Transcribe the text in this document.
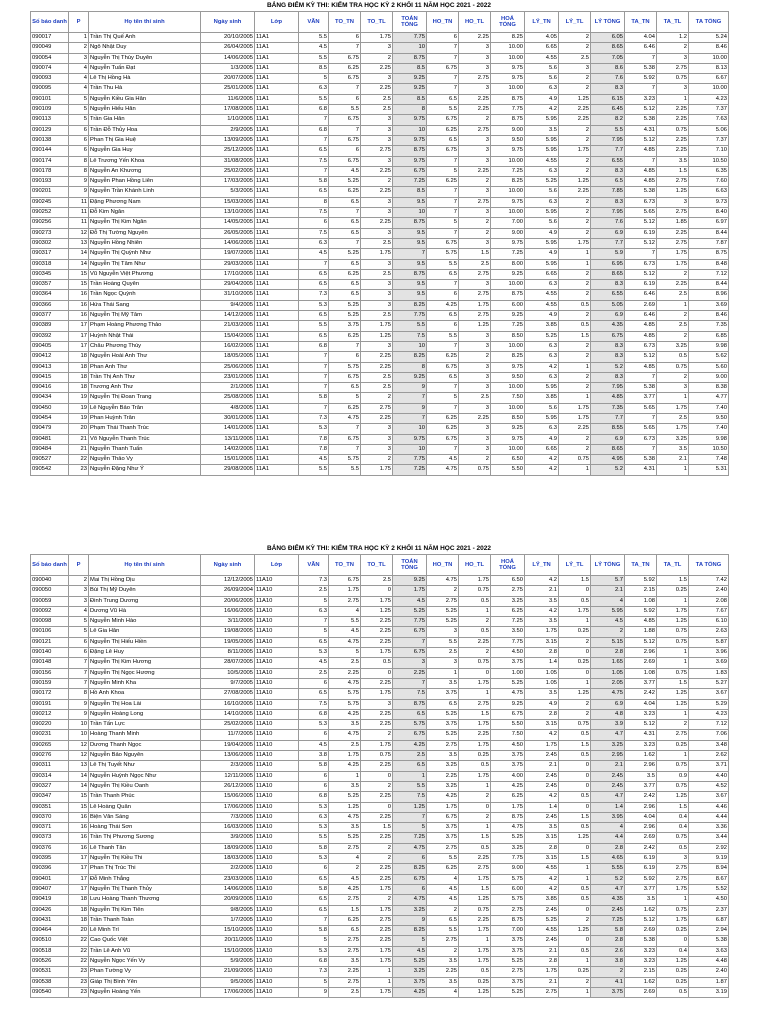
BẢNG ĐIỂM KỲ THI: KIỂM TRA HỌC KỲ 2 KHỐI 11 NĂM HỌC 2021 - 2022
Số báo danh	P	Họ tên thí sinh	Ngày sinh	Lớp	VĂN	TO_TN	TO_TL	TOÁN TỔNG	HO_TN	HO_TL	HOÁ TỔNG	LÝ_TN	LÝ_TL	LÝ TỔNG	TA_TN	TA_TL	TA TỔNG
090017	1	Trần Thị Quế Anh	20/10/2005	11A1	5.5	6	1.75	7.75	6	2.25	8.25	4.05	2	6.05	4.04	1.2	5.24
090049	2	Ngô Nhật Duy	26/04/2005	11A1	4.5	7	3	10	7	3	10.00	6.65	2	8.65	6.46	2	8.46
090054	3	Nguyễn Thị Thùy Duyên	14/06/2005	11A1	5.5	6.75	2	8.75	7	3	10.00	4.55	2.5	7.05	7	3	10.00
090074	4	Nguyễn Tuấn Đạt	1/3/2005	11A1	8.5	6.25	2.25	8.5	6.75	3	9.75	5.6	3	8.6	5.38	2.75	8.13
090093	4	Lê Thị Hồng Hà	20/07/2005	11A1	5	6.75	3	9.25	7	2.75	9.75	5.6	2	7.6	5.92	0.75	6.67
090095	4	Trần Thu Hà	25/01/2005	11A1	6.3	7	2.25	9.25	7	3	10.00	6.3	2	8.3	7	3	10.00
090101	5	Nguyễn Kiều Gia Hân	11/6/2005	11A1	5.5	6	2.5	8.5	6.5	2.25	8.75	4.9	1.25	6.15	3.23	1	4.23
090109	5	Nguyễn Hiếu Hân	17/08/2005	11A1	6.8	5.5	2.5	8	5.5	2.25	7.75	4.2	2.25	6.45	5.12	2.25	7.37
090113	5	Trần Gia Hân	1/10/2005	11A1	7	6.75	3	9.75	6.75	2	8.75	5.95	2.25	8.2	5.38	2.25	7.63
090129	6	Trần Đỗ Thủy Hoa	2/9/2005	11A1	6.8	7	3	10	6.25	2.75	9.00	3.5	2	5.5	4.31	0.75	5.06
090138	6	Phan Thị Gia Huệ	13/09/2005	11A1	7	6.75	3	9.75	6.5	3	9.50	5.95	2	7.95	5.12	2.25	7.37
090144	6	Nguyễn Gia Huy	25/12/2005	11A1	6.5	6	2.75	8.75	6.75	3	9.75	5.95	1.75	7.7	4.85	2.25	7.10
090174	8	Lê Trương Yến Khoa	31/08/2005	11A1	7.5	6.75	3	9.75	7	3	10.00	4.55	2	6.55	7	3.5	10.50
090178	8	Nguyễn An Khương	25/02/2005	11A1	7	4.5	2.25	6.75	5	2.25	7.25	6.3	2	8.3	4.85	1.5	6.35
090193	9	Nguyễn Phan Hồng Liên	17/03/2005	11A1	5.8	5.25	2	7.25	6.25	2	8.25	5.25	1.25	6.5	4.85	2.75	7.60
090201	9	Nguyễn Trần Khánh Linh	5/3/2005	11A1	6.5	6.25	2.25	8.5	7	3	10.00	5.6	2.25	7.85	5.38	1.25	6.63
090245	11	Đặng Phương Nam	15/03/2005	11A1	8	6.5	3	9.5	7	2.75	9.75	6.3	2	8.3	6.73	3	9.73
090252	11	Đỗ Kim Ngân	13/10/2005	11A1	7.5	7	3	10	7	3	10.00	5.95	2	7.95	5.65	2.75	8.40
090256	11	Nguyễn Thị Kim Ngân	14/05/2005	11A1	6	6.5	2.25	8.75	5	2	7.00	5.6	2	7.6	5.12	1.85	6.97
090273	12	Đỗ Thị Tường Nguyên	26/05/2005	11A1	7.5	6.5	3	9.5	7	2	9.00	4.9	2	6.9	6.19	2.25	8.44
090302	13	Nguyễn Hồng Nhiên	14/06/2005	11A1	6.3	7	2.5	9.5	6.75	3	9.75	5.95	1.75	7.7	5.12	2.75	7.87
090317	14	Nguyễn Thị Quỳnh Như	19/07/2005	11A1	4.5	5.25	1.75	7	5.75	1.5	7.25	4.9	1	5.9	7	1.75	8.75
090318	14	Nguyễn Thị Tâm Như	29/03/2005	11A1	7	6.5	3	9.5	5.5	2.5	8.00	5.95	1	6.95	6.73	1.75	8.48
090345	15	Vũ Nguyễn Việt Phương	17/10/2005	11A1	6.5	6.25	2.5	8.75	6.5	2.75	9.25	6.65	2	8.65	5.12	2	7.12
090357	15	Trần Hoàng Quyên	29/04/2005	11A1	6.5	6.5	3	9.5	7	3	10.00	6.3	2	8.3	6.19	2.25	8.44
090364	16	Trần Ngọc Quỳnh	31/10/2005	11A1	7.3	6.5	3	9.5	6	2.75	8.75	4.55	2	6.55	6.46	2.5	8.96
090366	16	Hứa Thái Sang	9/4/2005	11A1	5.3	5.25	3	8.25	4.25	1.75	6.00	4.55	0.5	5.05	2.69	1	3.69
090377	16	Nguyễn Thị Mỹ Tâm	14/12/2005	11A1	6.5	5.25	2.5	7.75	6.5	2.75	9.25	4.9	2	6.9	6.46	2	8.46
090389	17	Phạm Hoàng Phương Thảo	21/03/2005	11A1	5.5	3.75	1.75	5.5	6	1.25	7.25	3.85	0.5	4.35	4.85	2.5	7.35
090392	17	Huỳnh Nhật Thái	15/04/2005	11A1	6.5	6.25	1.25	7.5	5.5	3	8.50	5.25	1.5	6.75	4.85	2	6.85
090405	17	Châu Phương Thúy	16/02/2005	11A1	6.8	7	3	10	7	3	10.00	6.3	2	8.3	6.73	3.25	9.98
090412	18	Nguyễn Hoài Anh Thư	18/05/2005	11A1	7	6	2.25	8.25	6.25	2	8.25	6.3	2	8.3	5.12	0.5	5.62
090413	18	Phan Anh Thư	25/06/2005	11A1	7	5.75	2.25	8	6.75	3	9.75	4.2	1	5.2	4.85	0.75	5.60
090415	18	Trần Thị Anh Thư	23/01/2005	11A1	7	6.75	2.5	9.25	6.5	3	9.50	6.3	2	8.3	7	2	9.00
090416	18	Trương Anh Thư	2/1/2005	11A1	7	6.5	2.5	9	7	3	10.00	5.95	2	7.95	5.38	3	8.38
090434	19	Nguyễn Thị Đoan Trang	25/08/2005	11A1	5.8	5	2	7	5	2.5	7.50	3.85	1	4.85	3.77	1	4.77
090450	19	Lê Nguyễn Bảo Trân	4/8/2005	11A1	7	6.25	2.75	9	7	3	10.00	5.6	1.75	7.35	5.65	1.75	7.40
090454	19	Phan Huỳnh Trân	30/01/2005	11A1	7.3	4.75	2.25	7	6.25	2.25	8.50	5.95	1.75	7.7	7	2.5	9.50
090479	20	Phạm Thái Thanh Trúc	14/01/2005	11A1	5.3	7	3	10	6.25	3	9.25	6.3	2.25	8.55	5.65	1.75	7.40
090481	21	Võ Nguyễn Thanh Trúc	13/11/2005	11A1	7.8	6.75	3	9.75	6.75	3	9.75	4.9	2	6.9	6.73	3.25	9.98
090484	21	Nguyễn Thanh Tuấn	14/02/2005	11A1	7.8	7	3	10	7	3	10.00	6.65	2	8.65	7	3.5	10.50
090527	22	Nguyễn Thảo Vy	15/01/2005	11A1	4.5	5.75	2	7.75	4.5	2	6.50	4.2	0.75	4.95	5.38	2.1	7.48
090542	23	Nguyễn Đặng Như Ý	29/08/2005	11A1	5.5	5.5	1.75	7.25	4.75	0.75	5.50	4.2	1	5.2	4.31	1	5.31
BẢNG ĐIỂM KỲ THI: KIỂM TRA HỌC KỲ 2 KHỐI 11 NĂM HỌC 2021 - 2022
Số báo danh	P	Họ tên thí sinh	Ngày sinh	Lớp	VĂN	TO_TN	TO_TL	TOÁN TỔNG	HO_TN	HO_TL	HOÁ TỔNG	LÝ_TN	LÝ_TL	LÝ TỔNG	TA_TN	TA_TL	TA TỔNG
090040	2	Mai Thị Hồng Dịu	12/12/2005	11A10	7.3	6.75	2.5	9.25	4.75	1.75	6.50	4.2	1.5	5.7	5.92	1.5	7.42
090050	3	Bùi Thị Mỹ Duyên	26/09/2004	11A10	2.5	1.75	0	1.75	2	0.75	2.75	2.1	0	2.1	2.15	0.25	2.40
090059	3	Đinh Trung Dương	20/06/2005	11A10	5	2.75	1.75	4.5	2.75	0.5	3.25	3.5	0.5	4	1.08	1	2.08
090092	4	Dương Vũ Hà	16/06/2005	11A10	6.3	4	1.25	5.25	5.25	1	6.25	4.2	1.75	5.95	5.92	1.75	7.67
090098	5	Nguyễn Minh Hào	3/11/2005	11A10	7	5.5	2.25	7.75	5.25	2	7.25	3.5	1	4.5	4.85	1.25	6.10
090106	5	Lê Gia Hân	19/08/2005	11A10	5	4.5	2.25	6.75	3	0.5	3.50	1.75	0.25	2	1.88	0.75	2.63
090121	6	Nguyễn Thị Hiếu Hiền	19/05/2005	11A10	6.5	4.75	2.25	7	5.5	2.25	7.75	3.15	2	5.15	5.12	0.75	5.87
090140	6	Đặng Lê Huy	8/11/2005	11A10	5.3	5	1.75	6.75	2.5	2	4.50	2.8	0	2.8	2.96	1	3.96
090148	7	Nguyễn Thị Kim Hương	28/07/2005	11A10	4.5	2.5	0.5	3	3	0.75	3.75	1.4	0.25	1.65	2.69	1	3.69
090156	7	Nguyễn Thị Ngọc Hương	10/5/2005	11A10	2.5	2.25	0	2.25	1	0	1.00	1.05	0	1.05	1.08	0.75	1.83
090159	7	Nguyễn Minh Kha	9/7/2005	11A10	6	4.75	2.25	7	3.5	1.75	5.25	1.05	1	2.05	3.77	1.5	5.27
090172	8	Hồ Anh Khoa	27/08/2005	11A10	6.5	5.75	1.75	7.5	3.75	1	4.75	3.5	1.25	4.75	2.42	1.25	3.67
090191	9	Nguyễn Thị Hoa Lài	16/10/2005	11A10	7.5	5.75	3	8.75	6.5	2.75	9.25	4.9	2	6.9	4.04	1.25	5.29
090212	9	Nguyễn Hoàng Long	14/10/2005	11A10	6.8	4.25	2.25	6.5	5.25	1.5	6.75	2.8	2	4.8	3.23	1	4.23
090220	10	Trần Tấn Lực	25/02/2005	11A10	5.3	3.5	2.25	5.75	3.75	1.75	5.50	3.15	0.75	3.9	5.12	2	7.12
090231	10	Hoàng Thanh Minh	11/7/2005	11A10	6	4.75	2	6.75	5.25	2.25	7.50	4.2	0.5	4.7	4.31	2.75	7.06
090265	12	Dương Thanh Ngọc	19/04/2005	11A10	4.5	2.5	1.75	4.25	2.75	1.75	4.50	1.75	1.5	3.25	3.23	0.25	3.48
090276	12	Nguyễn Bảo Nguyên	13/06/2005	11A10	3.8	1.75	0.75	2.5	3.5	0.25	3.75	2.45	0.5	2.95	1.62	1	2.62
090311	13	Lê Thị Tuyết Như	2/3/2005	11A10	5.8	4.25	2.25	6.5	3.25	0.5	3.75	2.1	0	2.1	2.96	0.75	3.71
090314	14	Nguyễn Huỳnh Ngọc Như	12/11/2005	11A10	6	1	0	1	2.25	1.75	4.00	2.45	0	2.45	3.5	0.9	4.40
090327	14	Nguyễn Thị Kiều Oanh	26/12/2005	11A10	6	3.5	2	5.5	3.25	1	4.25	2.45	0	2.45	3.77	0.75	4.52
090347	15	Trần Thanh Phúc	15/06/2005	11A10	6.8	5.25	2.25	7.5	4.25	2	6.25	4.2	0.5	4.7	2.42	1.25	3.67
090351	15	Lê Hoàng Quân	17/06/2005	11A10	5.3	1.25	0	1.25	1.75	0	1.75	1.4	0	1.4	2.96	1.5	4.46
090370	16	Biện Văn Sáng	7/3/2005	11A10	6.3	4.75	2.25	7	6.75	2	8.75	2.45	1.5	3.95	4.04	0.4	4.44
090371	16	Hoàng Thái Sơn	16/03/2005	11A10	5.3	3.5	1.5	5	3.75	1	4.75	3.5	0.5	4	2.96	0.4	3.36
090373	16	Trần Thị Phương Sương	3/9/2005	11A10	5.5	5.25	2.25	7.25	3.75	1.5	5.25	3.15	1.25	4.4	2.69	0.75	3.44
090376	16	Lê Thanh Tân	18/09/2005	11A10	5.8	2.75	2	4.75	2.75	0.5	3.25	2.8	0	2.8	2.42	0.5	2.92
090395	17	Nguyễn Thị Kiều Thi	18/03/2005	11A10	5.3	4	2	6	5.5	2.25	7.75	3.15	1.5	4.65	6.19	3	9.19
090396	17	Phan Thị Trúc Thi	2/2/2005	11A10	6	2	2.25	8.25	6.25	2.75	9.00	4.55	1	5.55	6.19	2.75	8.94
090401	17	Đỗ Minh Thắng	23/03/2005	11A10	6.5	4.5	2.25	6.75	4	1.75	5.75	4.2	1	5.2	5.92	2.75	8.67
090407	17	Nguyễn Thị Thanh Thủy	14/06/2005	11A10	5.8	4.25	1.75	6	4.5	1.5	6.00	4.2	0.5	4.7	3.77	1.75	5.52
090419	18	Lưu Hoàng Thanh Thương	20/09/2005	11A10	6.5	2.75	2	4.75	4.5	1.25	5.75	3.85	0.5	4.35	3.5	1	4.50
090426	18	Nguyễn Thị Kim Tiên	9/8/2005	11A10	6.5	1.5	1.75	3.25	2	0.75	2.75	2.45	0	2.45	1.62	0.75	2.37
090431	18	Trần Thanh Toàn	1/7/2005	11A10	7	6.25	2.75	9	6.5	2.25	8.75	5.25	2	7.25	5.12	1.75	6.87
090464	20	Lê Minh Trí	15/10/2005	11A10	5.8	6.5	2.25	8.25	5.5	1.75	7.00	4.55	1.25	5.8	2.69	0.25	2.94
090510	22	Cao Quốc Việt	20/11/2005	11A10	5	2.75	2.25	5	2.75	1	3.75	2.45	0	2.8	5.38	0	5.38
090518	22	Trần Lê Anh Vũ	15/10/2005	11A10	5.3	2.75	1.75	4.5	2	1.75	3.75	2.1	0.5	2.6	3.23	0.4	3.63
090526	22	Nguyễn Ngọc Yến Vy	5/9/2005	11A10	6.8	3.5	1.75	5.25	3.5	1.75	5.25	2.8	1	3.8	3.23	1.25	4.48
090531	23	Phan Tường Vy	21/09/2005	11A10	7.3	2.25	1	3.25	2.25	0.5	2.75	1.75	0.25	2	2.15	0.25	2.40
090538	23	Giáp Thị Bình Yên	9/5/2005	11A10	5	2.75	1	3.75	3.5	0.25	3.75	2.1	2	4.1	1.62	0.25	1.87
090540	23	Nguyễn Hoàng Yến	17/06/2005	11A10	9	2.5	1.75	4.25	4	1.25	5.25	2.75	1	3.75	2.69	0.5	3.19
